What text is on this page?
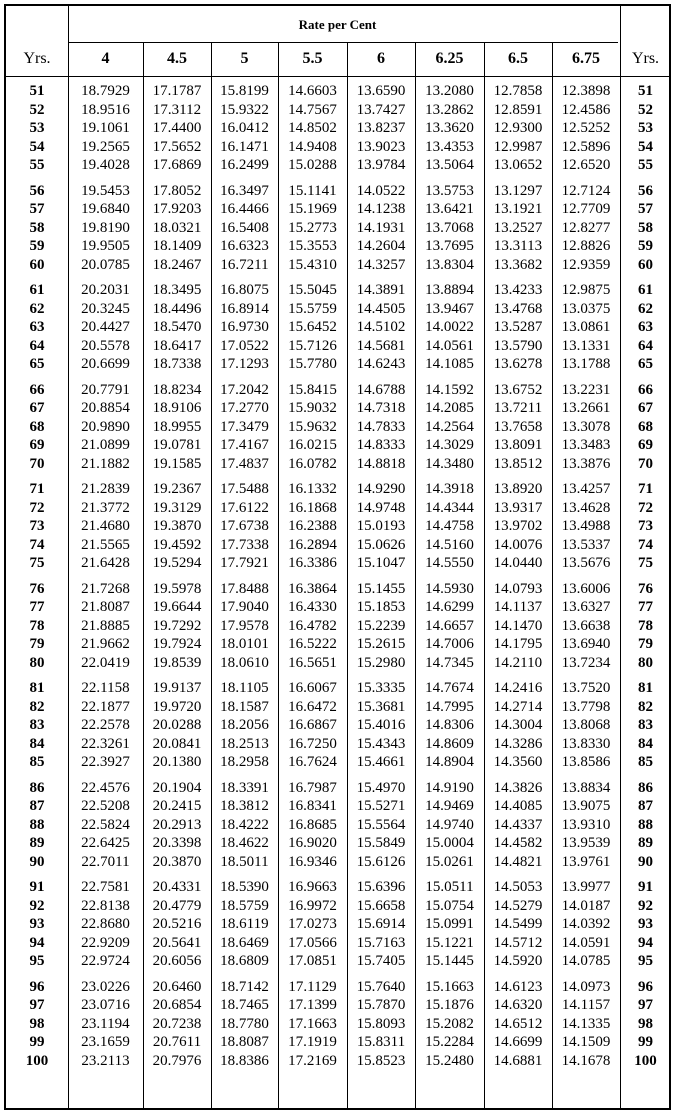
Rate per Cent
Yrs.	4	4.5	5	5.5	6	6.25	6.5	6.75	Yrs.
51	18.7929	17.1787	15.8199	14.6603	13.6590	13.2080	12.7858	12.3898	51
52	18.9516	17.3112	15.9322	14.7567	13.7427	13.2862	12.8591	12.4586	52
53	19.1061	17.4400	16.0412	14.8502	13.8237	13.3620	12.9300	12.5252	53
54	19.2565	17.5652	16.1471	14.9408	13.9023	13.4353	12.9987	12.5896	54
55	19.4028	17.6869	16.2499	15.0288	13.9784	13.5064	13.0652	12.6520	55
56	19.5453	17.8052	16.3497	15.1141	14.0522	13.5753	13.1297	12.7124	56
57	19.6840	17.9203	16.4466	15.1969	14.1238	13.6421	13.1921	12.7709	57
58	19.8190	18.0321	16.5408	15.2773	14.1931	13.7068	13.2527	12.8277	58
59	19.9505	18.1409	16.6323	15.3553	14.2604	13.7695	13.3113	12.8826	59
60	20.0785	18.2467	16.7211	15.4310	14.3257	13.8304	13.3682	12.9359	60
61	20.2031	18.3495	16.8075	15.5045	14.3891	13.8894	13.4233	12.9875	61
62	20.3245	18.4496	16.8914	15.5759	14.4505	13.9467	13.4768	13.0375	62
63	20.4427	18.5470	16.9730	15.6452	14.5102	14.0022	13.5287	13.0861	63
64	20.5578	18.6417	17.0522	15.7126	14.5681	14.0561	13.5790	13.1331	64
65	20.6699	18.7338	17.1293	15.7780	14.6243	14.1085	13.6278	13.1788	65
66	20.7791	18.8234	17.2042	15.8415	14.6788	14.1592	13.6752	13.2231	66
67	20.8854	18.9106	17.2770	15.9032	14.7318	14.2085	13.7211	13.2661	67
68	20.9890	18.9955	17.3479	15.9632	14.7833	14.2564	13.7658	13.3078	68
69	21.0899	19.0781	17.4167	16.0215	14.8333	14.3029	13.8091	13.3483	69
70	21.1882	19.1585	17.4837	16.0782	14.8818	14.3480	13.8512	13.3876	70
71	21.2839	19.2367	17.5488	16.1332	14.9290	14.3918	13.8920	13.4257	71
72	21.3772	19.3129	17.6122	16.1868	14.9748	14.4344	13.9317	13.4628	72
73	21.4680	19.3870	17.6738	16.2388	15.0193	14.4758	13.9702	13.4988	73
74	21.5565	19.4592	17.7338	16.2894	15.0626	14.5160	14.0076	13.5337	74
75	21.6428	19.5294	17.7921	16.3386	15.1047	14.5550	14.0440	13.5676	75
76	21.7268	19.5978	17.8488	16.3864	15.1455	14.5930	14.0793	13.6006	76
77	21.8087	19.6644	17.9040	16.4330	15.1853	14.6299	14.1137	13.6327	77
78	21.8885	19.7292	17.9578	16.4782	15.2239	14.6657	14.1470	13.6638	78
79	21.9662	19.7924	18.0101	16.5222	15.2615	14.7006	14.1795	13.6940	79
80	22.0419	19.8539	18.0610	16.5651	15.2980	14.7345	14.2110	13.7234	80
81	22.1158	19.9137	18.1105	16.6067	15.3335	14.7674	14.2416	13.7520	81
82	22.1877	19.9720	18.1587	16.6472	15.3681	14.7995	14.2714	13.7798	82
83	22.2578	20.0288	18.2056	16.6867	15.4016	14.8306	14.3004	13.8068	83
84	22.3261	20.0841	18.2513	16.7250	15.4343	14.8609	14.3286	13.8330	84
85	22.3927	20.1380	18.2958	16.7624	15.4661	14.8904	14.3560	13.8586	85
86	22.4576	20.1904	18.3391	16.7987	15.4970	14.9190	14.3826	13.8834	86
87	22.5208	20.2415	18.3812	16.8341	15.5271	14.9469	14.4085	13.9075	87
88	22.5824	20.2913	18.4222	16.8685	15.5564	14.9740	14.4337	13.9310	88
89	22.6425	20.3398	18.4622	16.9020	15.5849	15.0004	14.4582	13.9539	89
90	22.7011	20.3870	18.5011	16.9346	15.6126	15.0261	14.4821	13.9761	90
91	22.7581	20.4331	18.5390	16.9663	15.6396	15.0511	14.5053	13.9977	91
92	22.8138	20.4779	18.5759	16.9972	15.6658	15.0754	14.5279	14.0187	92
93	22.8680	20.5216	18.6119	17.0273	15.6914	15.0991	14.5499	14.0392	93
94	22.9209	20.5641	18.6469	17.0566	15.7163	15.1221	14.5712	14.0591	94
95	22.9724	20.6056	18.6809	17.0851	15.7405	15.1445	14.5920	14.0785	95
96	23.0226	20.6460	18.7142	17.1129	15.7640	15.1663	14.6123	14.0973	96
97	23.0716	20.6854	18.7465	17.1399	15.7870	15.1876	14.6320	14.1157	97
98	23.1194	20.7238	18.7780	17.1663	15.8093	15.2082	14.6512	14.1335	98
99	23.1659	20.7611	18.8087	17.1919	15.8311	15.2284	14.6699	14.1509	99
100	23.2113	20.7976	18.8386	17.2169	15.8523	15.2480	14.6881	14.1678	100
